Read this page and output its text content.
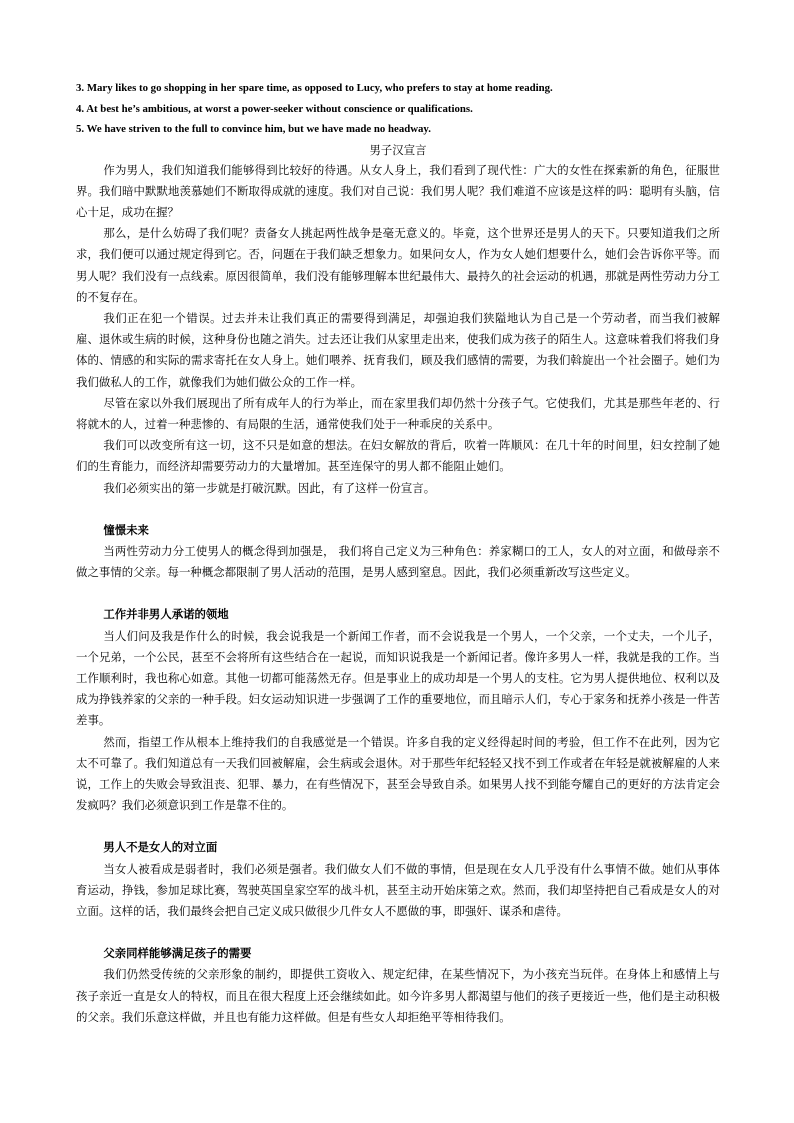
3. Mary likes to go shopping in her spare time, as opposed to Lucy, who prefers to stay at home reading.
4. At best he’s ambitious, at worst a power-seeker without conscience or qualifications.
5. We have striven to the full to convince him, but we have made no headway.
男子汉宣言

作为男人，我们知道我们能够得到比较好的待遇。从女人身上，我们看到了现代性：广大的女性在探索新的角色，征服世界。我们暗中默默地羡慕她们不断取得成就的速度。我们对自己说：我们男人呢？我们难道不应该是这样的吗：聪明有头脑，信心十足，成功在握？

那么，是什么妨碍了我们呢？责备女人挑起两性战争是毫无意义的。毕竟，这个世界还是男人的天下。只要知道我们之所求，我们便可以通过规定得到它。否，问题在于我们缺乏想象力。如果问女人，作为女人她们想要什么，她们会告诉你平等。而男人呢？我们没有一点线索。原因很简单，我们没有能够理解本世纪最伟大、最持久的社会运动的机遇，那就是两性劳动力分工的不复存在。

我们正在犯一个错误。过去并未让我们真正的需要得到满足，却强迫我们狭隘地认为自己是一个劳动者，而当我们被解雇、退休或生病的时候，这种身份也随之消失。过去还让我们从家里走出来，使我们成为孩子的陌生人。这意味着我们将我们身体的、情感的和实际的需求寄托在女人身上。她们喂养、抚育我们，顾及我们感情的需要，为我们斡旋出一个社会圈子。她们为我们做私人的工作，就像我们为她们做公众的工作一样。

尽管在家以外我们展现出了所有成年人的行为举止，而在家里我们却仍然十分孩子气。它使我们，尤其是那些年老的、行将就木的人，过着一种悲惨的、有局限的生活，通常使我们处于一种乖戾的关系中。

我们可以改变所有这一切，这不只是如意的想法。在妇女解放的背后，吹着一阵顺风：在几十年的时间里，妇女控制了她们的生育能力，而经济却需要劳动力的大量增加。甚至连保守的男人都不能阻止她们。

我们必须实出的第一步就是打破沉默。因此，有了这样一份宣言。

憧憬未来

当两性劳动力分工使男人的概念得到加强是， 我们将自己定义为三种角色：养家糊口的工人，女人的对立面，和做母亲不做之事情的父亲。每一种概念都限制了男人活动的范围，是男人感到窒息。因此，我们必须重新改写这些定义。

工作并非男人承诺的领地

当人们问及我是作什么的时候，我会说我是一个新闻工作者，而不会说我是一个男人，一个父亲，一个丈夫，一个儿子，一个兄弟，一个公民，甚至不会将所有这些结合在一起说，而知识说我是一个新闻记者。像许多男人一样，我就是我的工作。当工作顺利时，我也称心如意。其他一切都可能荡然无存。但是事业上的成功却是一个男人的支柱。它为男人提供地位、权利以及成为挣钱养家的父亲的一种手段。妇女运动知识进一步强调了工作的重要地位，而且暗示人们，专心于家务和抚养小孩是一件苦差事。

然而，指望工作从根本上维持我们的自我感觉是一个错误。许多自我的定义经得起时间的考验，但工作不在此列，因为它太不可靠了。我们知道总有一天我们回被解雇，会生病或会退休。对于那些年纪轻轻又找不到工作或者在年轻是就被解雇的人来说，工作上的失败会导致沮丧、犯罪、暴力，在有些情况下，甚至会导致自杀。如果男人找不到能夸耀自己的更好的方法肯定会发疯吗？我们必须意识到工作是靠不住的。

男人不是女人的对立面

当女人被看成是弱者时，我们必须是强者。我们做女人们不做的事情，但是现在女人几乎没有什么事情不做。她们从事体育运动，挣钱，参加足球比赛，驾驶英国皇家空军的战斗机，甚至主动开始床第之欢。然而，我们却坚持把自己看成是女人的对立面。这样的话，我们最终会把自己定义成只做很少几件女人不愿做的事，即强奸、谋杀和虐待。

父亲同样能够满足孩子的需要

我们仍然受传统的父亲形象的制约，即提供工资收入、规定纪律，在某些情况下，为小孩充当玩伴。在身体上和感情上与孩子亲近一直是女人的特权，而且在很大程度上还会继续如此。如今许多男人都渴望与他们的孩子更接近一些，他们是主动积极的父亲。我们乐意这样做，并且也有能力这样做。但是有些女人却拒绝平等相待我们。
